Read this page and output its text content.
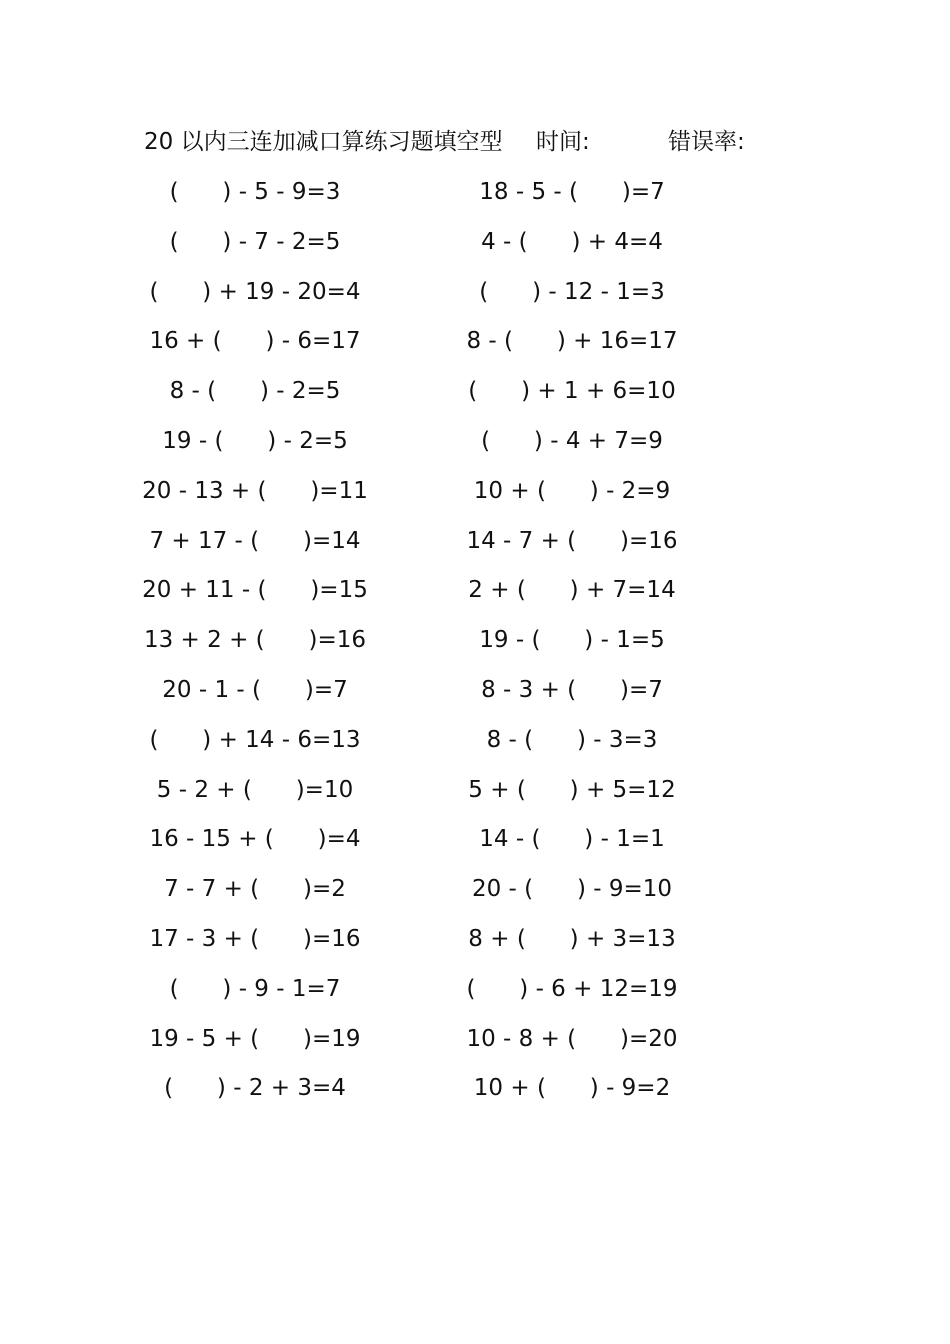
20 以内三连加减口算练习题填空型 时间:	错误率:
(      ) - 5 - 9=3
(      ) - 7 - 2=5
(      ) + 19 - 20=4
16 + (      ) - 6=17
8 - (      ) - 2=5
19 - (      ) - 2=5
20 - 13 + (      )=11
7 + 17 - (      )=14
20 + 11 - (      )=15
13 + 2 + (      )=16
20 - 1 - (      )=7
(      ) + 14 - 6=13
5 - 2 + (      )=10
16 - 15 + (      )=4
7 - 7 + (      )=2
17 - 3 + (      )=16
(      ) - 9 - 1=7
19 - 5 + (      )=19
(      ) - 2 + 3=4
18 - 5 - (      )=7
4 - (      ) + 4=4
(      ) - 12 - 1=3
8 - (      ) + 16=17
(      ) + 1 + 6=10
(      ) - 4 + 7=9
10 + (      ) - 2=9
14 - 7 + (      )=16
2 + (      ) + 7=14
19 - (      ) - 1=5
8 - 3 + (      )=7
8 - (      ) - 3=3
5 + (      ) + 5=12
14 - (      ) - 1=1
20 - (      ) - 9=10
8 + (      ) + 3=13
(      ) - 6 + 12=19
10 - 8 + (      )=20
10 + (      ) - 9=2
